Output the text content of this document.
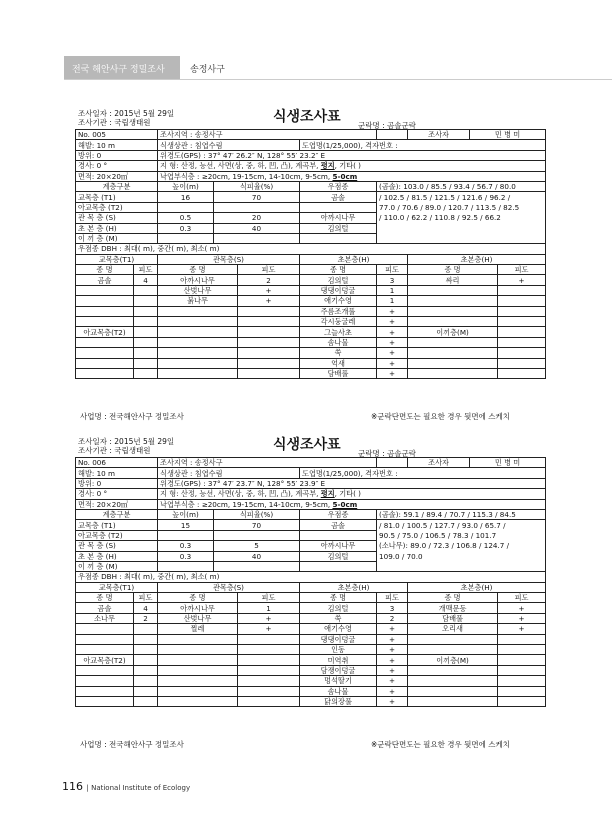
전국 해안사구 정밀조사	송정사구
조사일자 : 2015년 5월 29일
조사기관 : 국립생태원	식생조사표
군락명 : 곰솔군락
No. 005		조사지역 : 송정사구					조사자	민 병 미	
해발: 10 m		식생상관 : 침엽수림			도엽명(1/25,000), 격자번호 :				
방위: 0		위경도(GPS) : 37° 47′ 26.2″ N, 128° 55′ 23.2″ E							
경사: 0 °		지 형: 산정, 능선, 사면(상, 중, 하, 凹, 凸), 계곡부, 평지, 기타( )							
면적: 20×20㎡		낙엽부식층 : ≥20cm, 19-15cm, 14-10cm, 9-5cm, 5-0cm							
계층구분		높이(m)	식피율(%)		우점종	(곰솔): 103.0 / 85.5 / 93.4 / 56.7 / 80.0			
교목층 (T1)		16	70		곰솔	/ 102.5 / 81.5 / 121.5 / 121.6 / 96.2 /			
아교목층 (T2)						77.0 / 70.6 / 89.0 / 120.7 / 113.5 / 82.5			
관 목 층 (S)		0.5	20		아까시나무	/ 110.0 / 62.2 / 110.8 / 92.5 / 66.2			
초 본 층 (H)		0.3	40		김의털				
이 끼 층 (M)									
우점종 DBH : 최대( m), 중간( m), 최소( m)									
교목층(T1)		관목층(S)			초본층(H)		초본층(H)		
종 명	피도	종 명		피도	종 명	피도	종 명		피도
곰솔	4	아까시나무		2	김의털	3	싸리		+
		산벚나무		+	댕댕이덩굴	1			
		붉나무		+	애기수영	1			
					주름조개풀	+			
					각시둥굴레	+			
아교목층(T2)					그늘사초	+	이끼층(M)		
					솜나물	+			
					쑥	+			
					억새	+			
					담배풀	+			
사업명 : 전국해안사구 정밀조사	※군락단면도는 필요한 경우 뒷면에 스케치
조사일자 : 2015년 5월 29일
조사기관 : 국립생태원	식생조사표
군락명 : 곰솔군락
No. 006		조사지역 : 송정사구					조사자	민 병 미	
해발: 10 m		식생상관 : 침엽수림			도엽명(1/25,000), 격자번호 :				
방위: 0		위경도(GPS) : 37° 47′ 23.7″ N, 128° 55′ 23.9″ E							
경사: 0 °		지 형: 산정, 능선, 사면(상, 중, 하, 凹, 凸), 계곡부, 평지, 기타( )							
면적: 20×20㎡		낙엽부식층 : ≥20cm, 19-15cm, 14-10cm, 9-5cm, 5-0cm							
계층구분		높이(m)	식피율(%)		우점종	(곰솔): 59.1 / 89.4 / 70.7 / 115.3 / 84.5			
교목층 (T1)		15	70		곰솔	/ 81.0 / 100.5 / 127.7 / 93.0 / 65.7 /			
아교목층 (T2)						90.5 / 75.0 / 106.5 / 78.3 / 101.7			
관 목 층 (S)		0.3	5		아까시나무	(소나무): 89.0 / 72.3 / 106.8 / 124.7 /			
초 본 층 (H)		0.3	40		김의털	109.0 / 70.0			
이 끼 층 (M)									
우점종 DBH : 최대( m), 중간( m), 최소( m)									
교목층(T1)		관목층(S)			초본층(H)		초본층(H)		
종 명	피도	종 명		피도	종 명	피도	종 명		피도
곰솔	4	아까시나무		1	김의털	3	개맥문동		+
소나무	2	산벚나무		+	쑥	2	담배풀		+
		찔레		+	애기수영	+	오리새		+
					댕댕이덩굴	+			
					인동	+			
아교목층(T2)					미역취	+	이끼층(M)		
					담쟁이덩굴	+			
					멍석딸기	+			
					솜나물	+			
					닭의장풀	+			
사업명 : 전국해안사구 정밀조사	※군락단면도는 필요한 경우 뒷면에 스케치
116 | National Institute of Ecology
